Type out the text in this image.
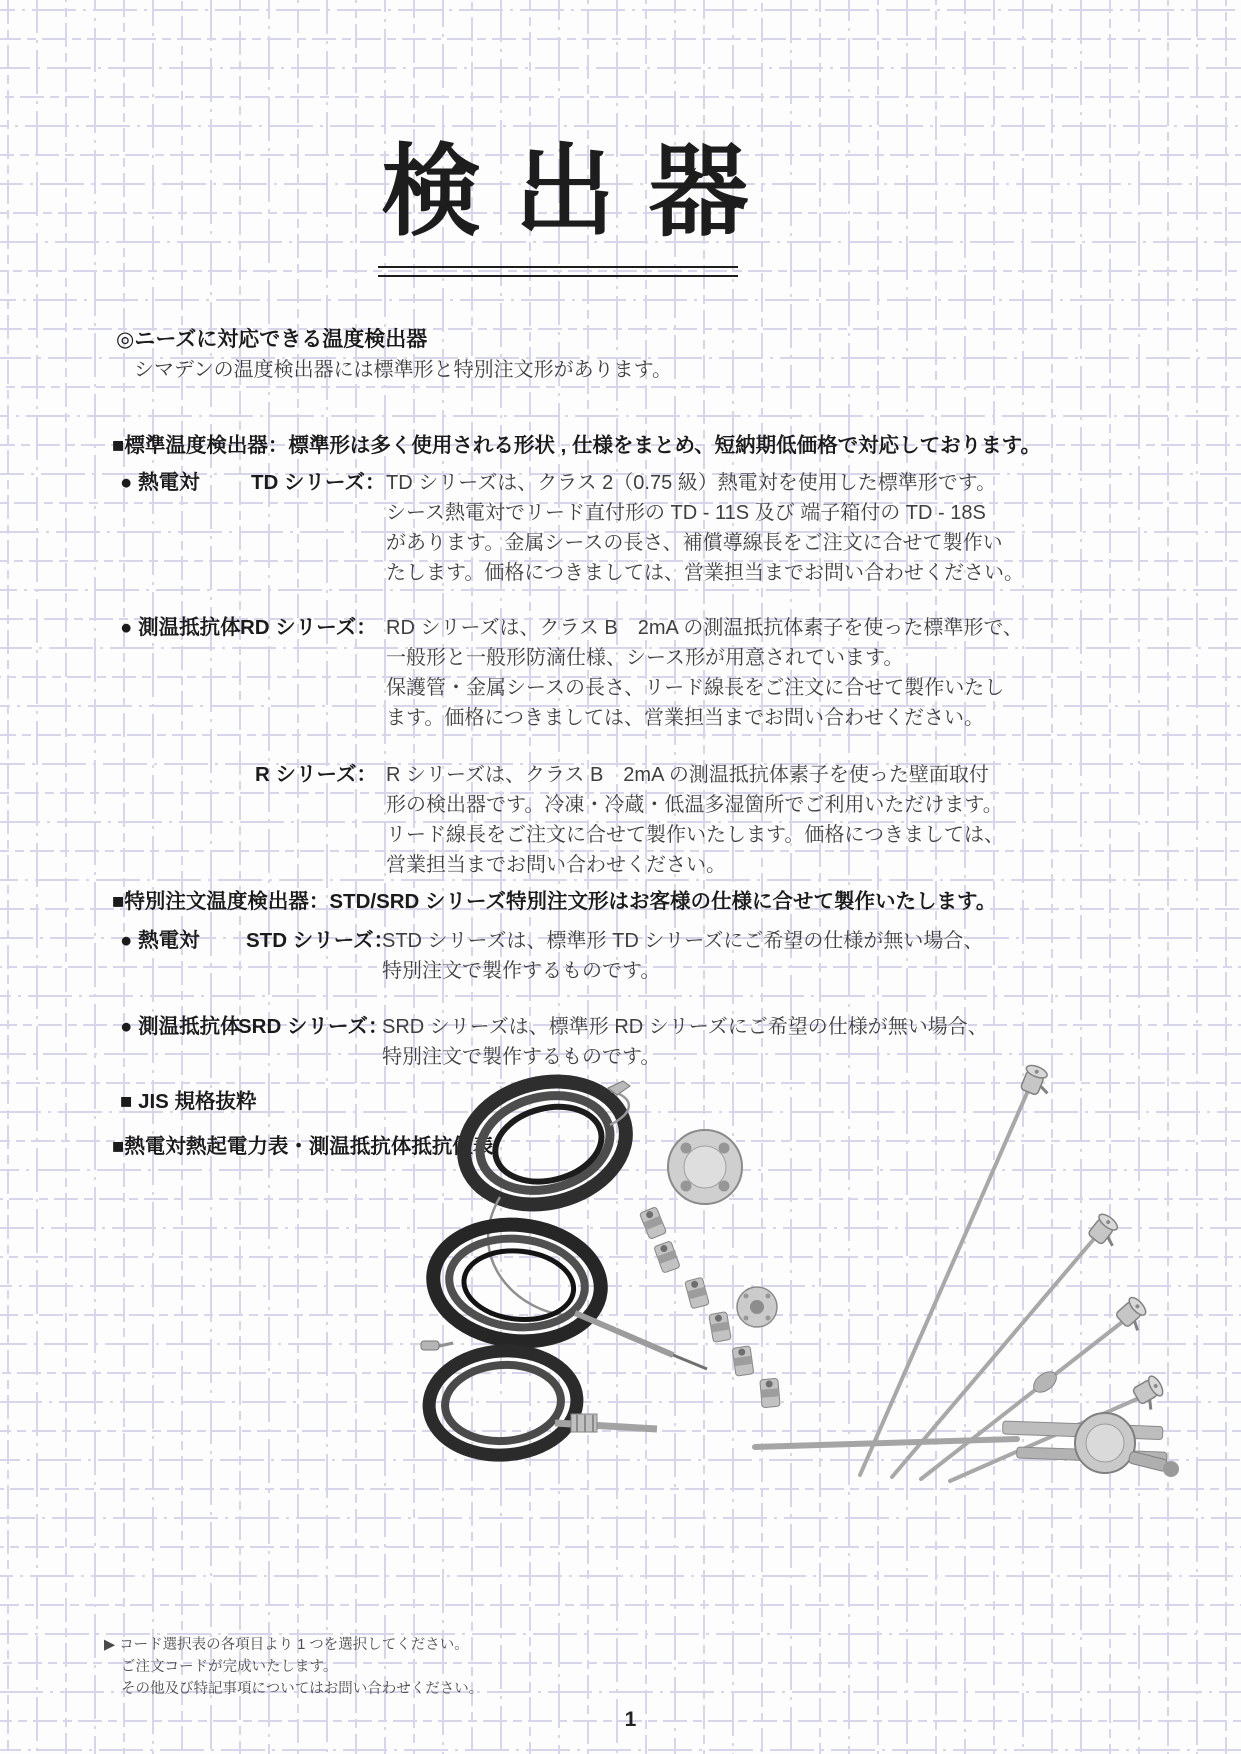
検 出 器
◎ニーズに対応できる温度検出器
シマデンの温度検出器には標準形と特別注文形があります。
■標準温度検出器：標準形は多く使用される形状 , 仕様をまとめ、短納期低価格で対応しております。
● 熱電対	TD シリーズ： TD シリーズは、クラス 2（0.75 級）熱電対を使用した標準形です。
シース熱電対でリード直付形の TD - 11S 及び 端子箱付の TD - 18S
があります。金属シースの長さ、補償導線長をご注文に合せて製作い
たします。価格につきましては、営業担当までお問い合わせください。
● 測温抵抗体 RD シリーズ： RD シリーズは、クラス B　2mA の測温抵抗体素子を使った標準形で、
一般形と一般形防滴仕様、シース形が用意されています。
保護管・金属シースの長さ、リード線長をご注文に合せて製作いたし
ます。価格につきましては、営業担当までお問い合わせください。
R シリーズ： R シリーズは、クラス B　2mA の測温抵抗体素子を使った壁面取付
形の検出器です。冷凍・冷蔵・低温多湿箇所でご利用いただけます。
リード線長をご注文に合せて製作いたします。価格につきましては、
営業担当までお問い合わせください。
■特別注文温度検出器：STD/SRD シリーズ特別注文形はお客様の仕様に合せて製作いたします。
● 熱電対 STD シリーズ：
STD シリーズは、標準形 TD シリーズにご希望の仕様が無い場合、
特別注文で製作するものです。
● 測温抵抗体
SRD シリーズ：
SRD シリーズは、標準形 RD シリーズにご希望の仕様が無い場合、
特別注文で製作するものです。
■ JIS 規格抜粋
■熱電対熱起電力表・測温抵抗体抵抗値表
▶ コード選択表の各項目より 1 つを選択してください。
ご注文コードが完成いたします。
その他及び特記事項についてはお問い合わせください。
1
